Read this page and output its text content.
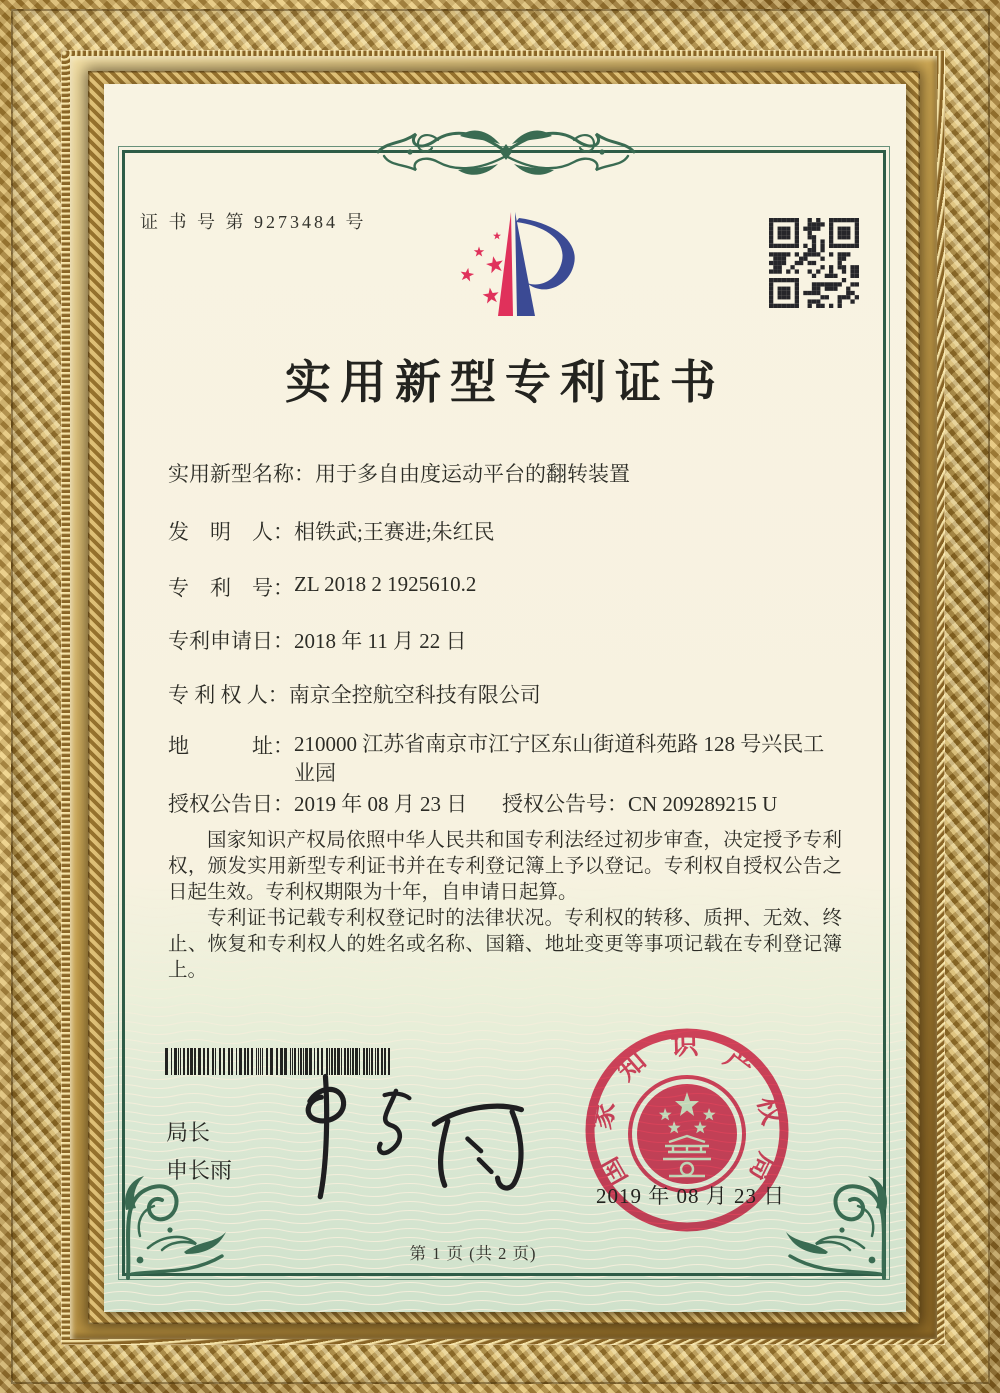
证 书 号 第 9273484 号
实用新型专利证书
实用新型名称： 用于多自由度运动平台的翻转装置
发　明　人： 相铁武;王赛进;朱红民
专　利　号： ZL 2018 2 1925610.2
专利申请日： 2018 年 11 月 22 日
专 利 权 人： 南京全控航空科技有限公司
地　　　址： 210000 江苏省南京市江宁区东山街道科苑路 128 号兴民工业园
授权公告日：2019 年 08 月 23 日 授权公告号：CN 209289215 U

国家知识产权局依照中华人民共和国专利法经过初步审查，决定授予专利权，颁发实用新型专利证书并在专利登记簿上予以登记。专利权自授权公告之日起生效。专利权期限为十年，自申请日起算。

专利证书记载专利权登记时的法律状况。专利权的转移、质押、无效、终止、恢复和专利权人的姓名或名称、国籍、地址变更等事项记载在专利登记簿上。

局长
申长雨	国家知识产权局
2019 年 08 月 23 日
第 1 页 (共 2 页)
